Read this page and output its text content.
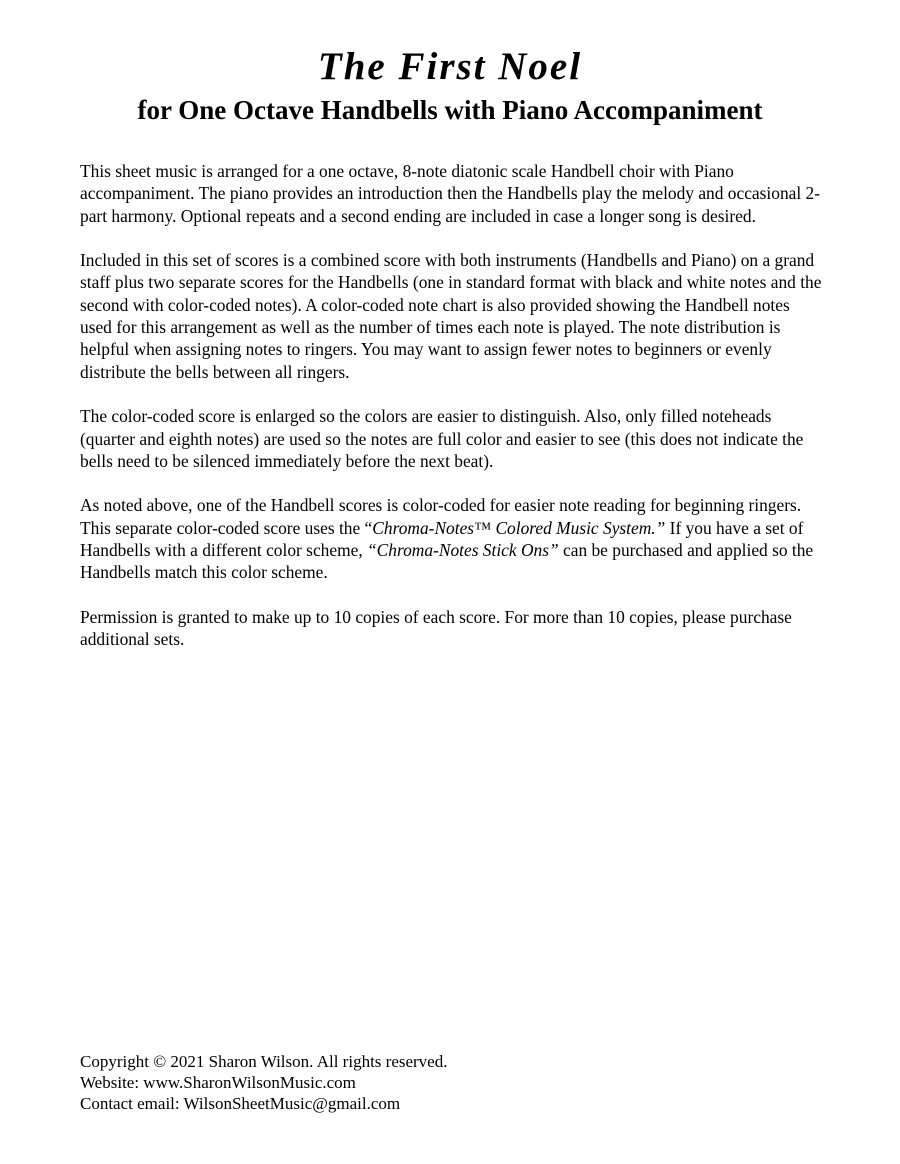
The First Noel
for One Octave Handbells with Piano Accompaniment

This sheet music is arranged for a one octave, 8-note diatonic scale Handbell choir with Piano accompaniment. The piano provides an introduction then the Handbells play the melody and occasional 2-part harmony. Optional repeats and a second ending are included in case a longer song is desired.

Included in this set of scores is a combined score with both instruments (Handbells and Piano) on a grand staff plus two separate scores for the Handbells (one in standard format with black and white notes and the second with color-coded notes). A color-coded note chart is also provided showing the Handbell notes used for this arrangement as well as the number of times each note is played. The note distribution is helpful when assigning notes to ringers. You may want to assign fewer notes to beginners or evenly distribute the bells between all ringers.

The color-coded score is enlarged so the colors are easier to distinguish. Also, only filled noteheads (quarter and eighth notes) are used so the notes are full color and easier to see (this does not indicate the bells need to be silenced immediately before the next beat).

As noted above, one of the Handbell scores is color-coded for easier note reading for beginning ringers. This separate color-coded score uses the “Chroma-Notes™ Colored Music System.” If you have a set of Handbells with a different color scheme, “Chroma-Notes Stick Ons” can be purchased and applied so the Handbells match this color scheme.

Permission is granted to make up to 10 copies of each score. For more than 10 copies, please purchase additional sets.

Copyright © 2021 Sharon Wilson. All rights reserved.
Website: www.SharonWilsonMusic.com
Contact email: WilsonSheetMusic@gmail.com
